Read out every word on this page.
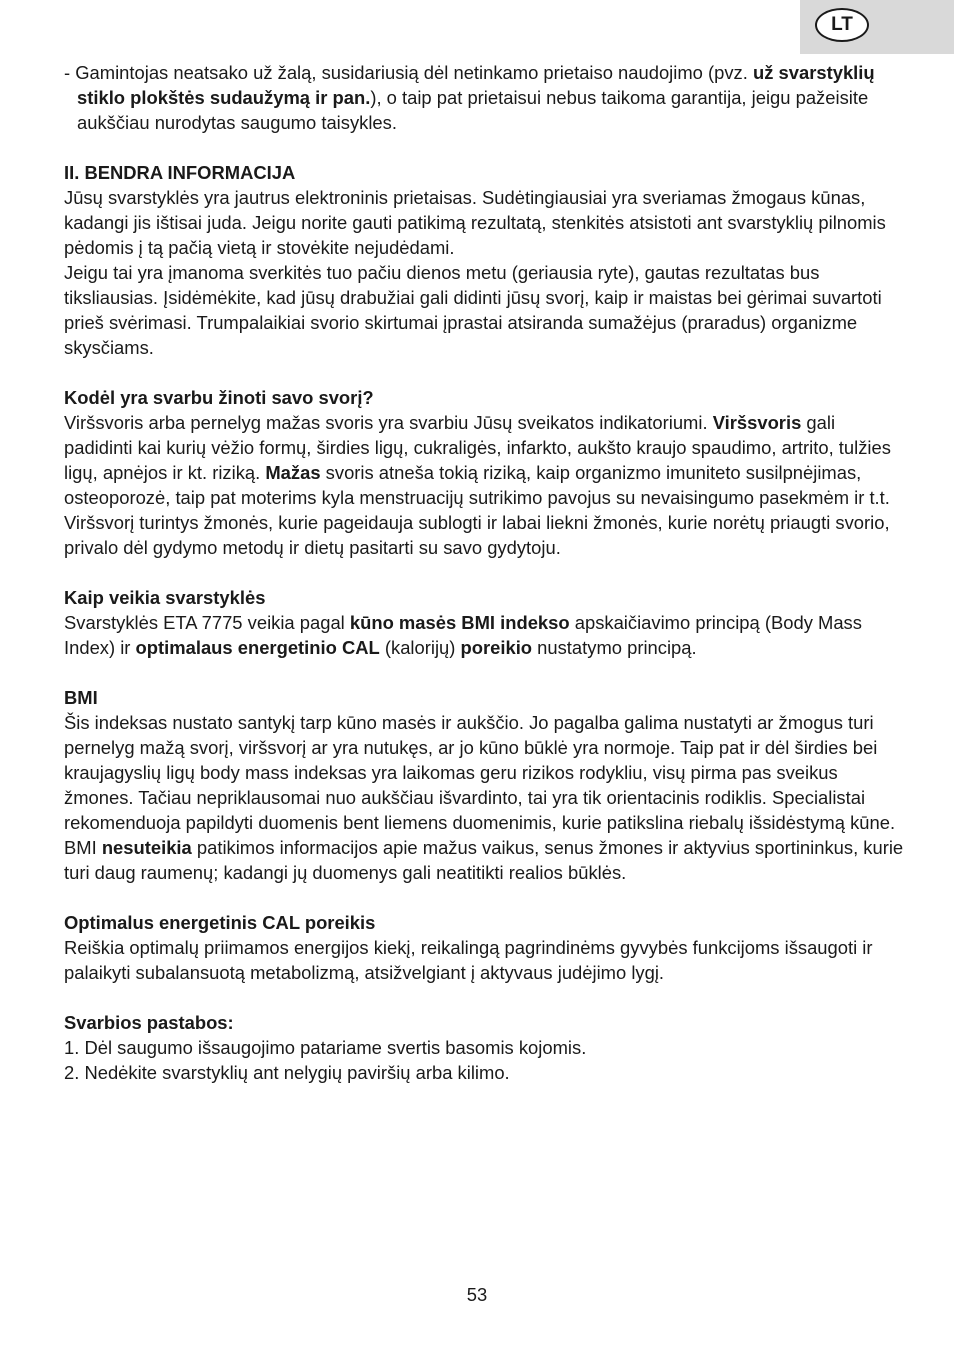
LT

- Gamintojas neatsako už žalą, susidariusią dėl netinkamo prietaiso naudojimo (pvz. už svarstyklių stiklo plokštės sudaužymą ir pan.), o taip pat prietaisui nebus taikoma garantija, jeigu pažeisite aukščiau nurodytas saugumo taisykles.

II. BENDRA INFORMACIJA

Jūsų svarstyklės yra jautrus elektroninis prietaisas. Sudėtingiausiai yra sveriamas žmogaus kūnas, kadangi jis ištisai juda. Jeigu norite gauti patikimą rezultatą, stenkitės atsistoti ant svarstyklių pilnomis pėdomis į tą pačią vietą ir stovėkite nejudėdami.

Jeigu tai yra įmanoma sverkitės tuo pačiu dienos metu (geriausia ryte), gautas rezultatas bus tiksliausias. Įsidėmėkite, kad jūsų drabužiai gali didinti jūsų svorį, kaip ir maistas bei gėrimai suvartoti prieš svėrimasi. Trumpalaikiai svorio skirtumai įprastai atsiranda sumažėjus (praradus) organizme skysčiams.

Kodėl yra svarbu žinoti savo svorį?

Viršsvoris arba pernelyg mažas svoris yra svarbiu Jūsų sveikatos indikatoriumi. Viršsvoris gali padidinti kai kurių vėžio formų, širdies ligų, cukraligės, infarkto, aukšto kraujo spaudimo, artrito, tulžies ligų, apnėjos ir kt. riziką. Mažas svoris atneša tokią riziką, kaip organizmo imuniteto susilpnėjimas, osteoporozė, taip pat moterims kyla menstruacijų sutrikimo pavojus su nevaisingumo pasekmėm ir t.t.

Viršsvorį turintys žmonės, kurie pageidauja sublogti ir labai liekni žmonės, kurie norėtų priaugti svorio, privalo dėl gydymo metodų ir dietų pasitarti su savo gydytoju.

Kaip veikia svarstyklės

Svarstyklės ETA 7775 veikia pagal kūno masės BMI indekso apskaičiavimo principą (Body Mass Index) ir optimalaus energetinio CAL (kalorijų) poreikio nustatymo principą.

BMI

Šis indeksas nustato santykį tarp kūno masės ir aukščio. Jo pagalba galima nustatyti ar žmogus turi pernelyg mažą svorį, viršsvorį ar yra nutukęs, ar jo kūno būklė yra normoje. Taip pat ir dėl širdies bei kraujagyslių ligų body mass indeksas yra laikomas geru rizikos rodykliu, visų pirma pas sveikus žmones. Tačiau nepriklausomai nuo aukščiau išvardinto, tai yra tik orientacinis rodiklis. Specialistai rekomenduoja papildyti duomenis bent liemens duomenimis, kurie patikslina riebalų išsidėstymą kūne.

BMI nesuteikia patikimos informacijos apie mažus vaikus, senus žmones ir aktyvius sportininkus, kurie turi daug raumenų; kadangi jų duomenys gali neatitikti realios būklės.

Optimalus energetinis CAL poreikis

Reiškia optimalų priimamos energijos kiekį, reikalingą pagrindinėms gyvybės funkcijoms išsaugoti ir palaikyti subalansuotą metabolizmą, atsižvelgiant į aktyvaus judėjimo lygį.

Svarbios pastabos:

1. Dėl saugumo išsaugojimo patariame svertis basomis kojomis.

2. Nedėkite svarstyklių ant nelygių paviršių arba kilimo.

53
